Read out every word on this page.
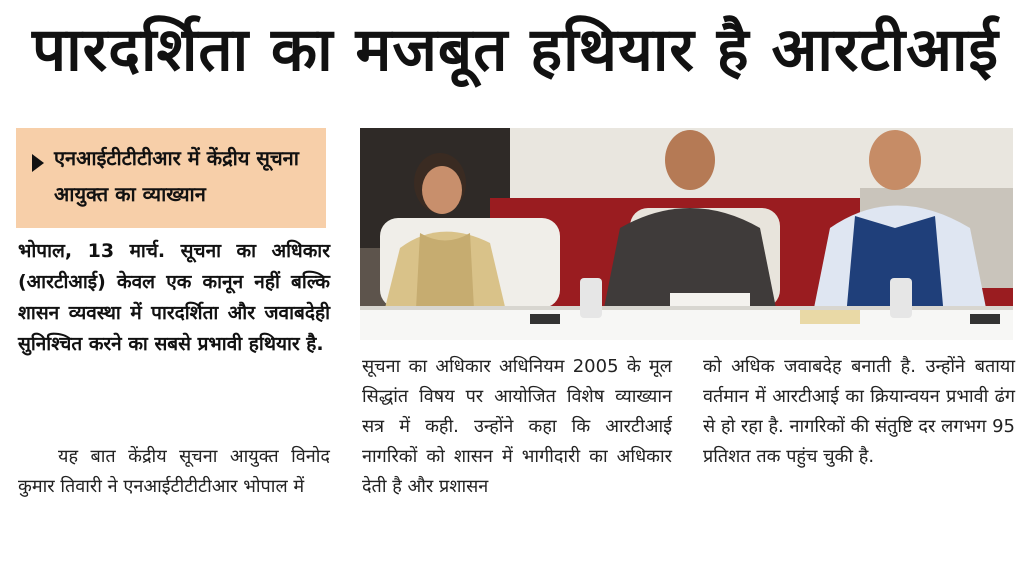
पारदर्शिता का मजबूत हथियार है आरटीआई
एनआईटीटीटीआर में केंद्रीय सूचना आयुक्त का व्याख्यान
भोपाल, 13 मार्च. सूचना का अधिकार (आरटीआई) केवल एक कानून नहीं बल्कि शासन व्यवस्था में पारदर्शिता और जवाबदेही सुनिश्चित करने का सबसे प्रभावी हथियार है.
यह बात केंद्रीय सूचना आयुक्त विनोद कुमार तिवारी ने एनआईटीटीटीआर भोपाल में
सूचना का अधिकार अधिनियम 2005 के मूल सिद्धांत विषय पर आयोजित विशेष व्याख्यान सत्र में कही. उन्होंने कहा कि आरटीआई नागरिकों को शासन में भागीदारी का अधिकार देती है और प्रशासन
को अधिक जवाबदेह बनाती है. उन्होंने बताया वर्तमान में आरटीआई का क्रियान्वयन प्रभावी ढंग से हो रहा है. नागरिकों की संतुष्टि दर लगभग 95 प्रतिशत तक पहुंच चुकी है.
